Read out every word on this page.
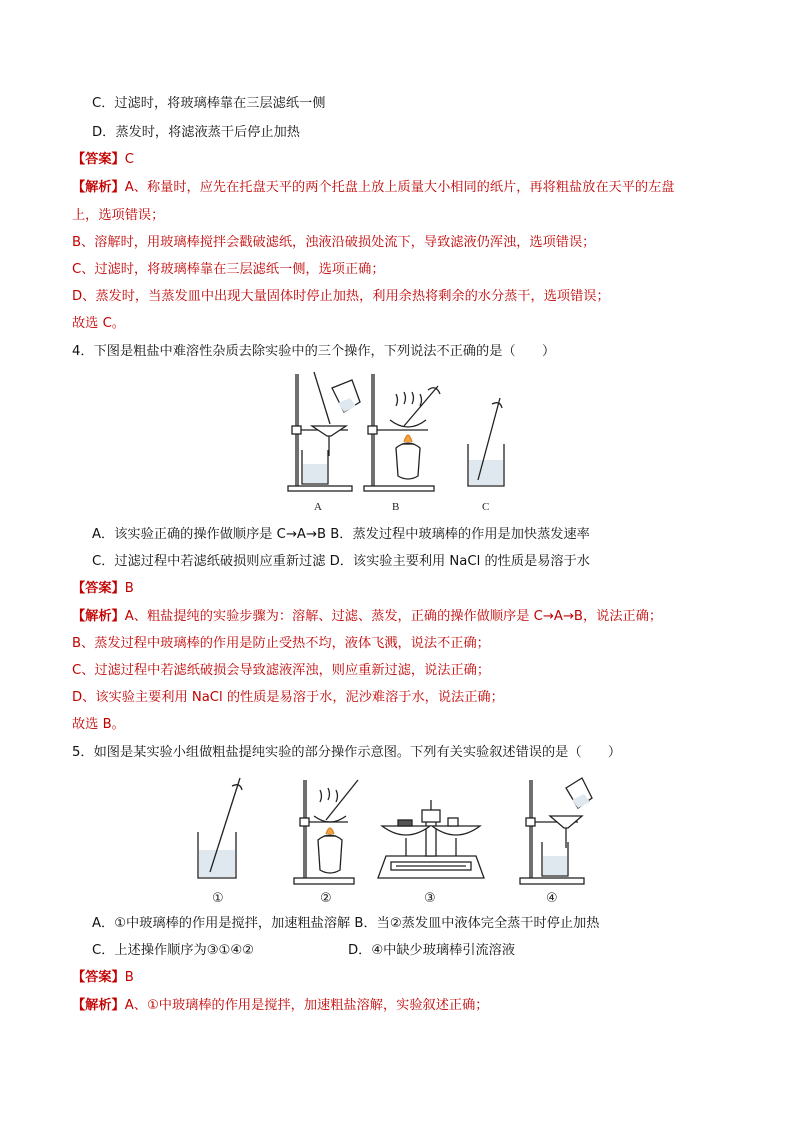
C．过滤时，将玻璃棒靠在三层滤纸一侧
D．蒸发时，将滤液蒸干后停止加热
【答案】C
【解析】A、称量时，应先在托盘天平的两个托盘上放上质量大小相同的纸片，再将粗盐放在天平的左盘
上，选项错误；
B、溶解时，用玻璃棒搅拌会戳破滤纸，浊液沿破损处流下，导致滤液仍浑浊，选项错误；
C、过滤时，将玻璃棒靠在三层滤纸一侧，选项正确；
D、蒸发时，当蒸发皿中出现大量固体时停止加热，利用余热将剩余的水分蒸干，选项错误；
故选 C。
4．下图是粗盐中难溶性杂质去除实验中的三个操作，下列说法不正确的是（　　）
A	B	C
A．该实验正确的操作做顺序是 C→A→B B．蒸发过程中玻璃棒的作用是加快蒸发速率
C．过滤过程中若滤纸破损则应重新过滤 D．该实验主要利用 NaCl 的性质是易溶于水
【答案】B
【解析】A、粗盐提纯的实验步骤为：溶解、过滤、蒸发，正确的操作做顺序是 C→A→B，说法正确；
B、蒸发过程中玻璃棒的作用是防止受热不均，液体飞溅，说法不正确；
C、过滤过程中若滤纸破损会导致滤液浑浊，则应重新过滤，说法正确；
D、该实验主要利用 NaCl 的性质是易溶于水，泥沙难溶于水，说法正确；
故选 B。
5．如图是某实验小组做粗盐提纯实验的部分操作示意图。下列有关实验叙述错误的是（　　）
①	②	③	④
A．①中玻璃棒的作用是搅拌，加速粗盐溶解 B．当②蒸发皿中液体完全蒸干时停止加热
C．上述操作顺序为③①④②	D．④中缺少玻璃棒引流溶液
【答案】B
【解析】A、①中玻璃棒的作用是搅拌，加速粗盐溶解，实验叙述正确；
